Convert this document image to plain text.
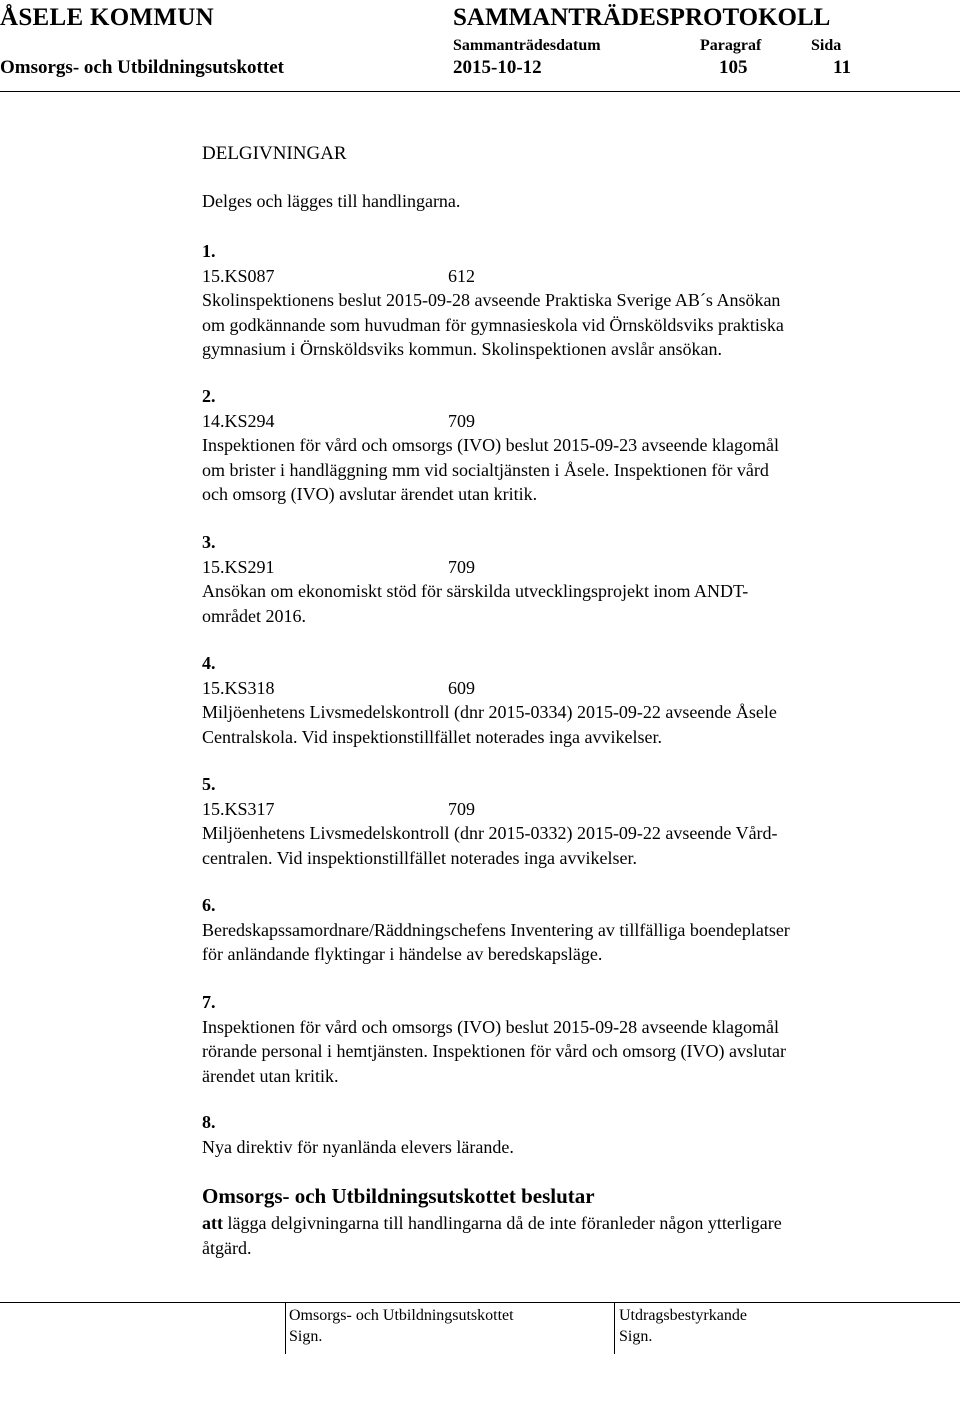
ÅSELE KOMMUN	SAMMANTRÄDESPROTOKOLL
Sammanträdesdatum	Paragraf	Sida
Omsorgs- och Utbildningsutskottet	2015-10-12	105	11
DELGIVNINGAR
Delges och lägges till handlingarna.
1.
15.KS087	612
Skolinspektionens beslut 2015-09-28 avseende Praktiska Sverige AB´s Ansökan
om godkännande som huvudman för gymnasieskola vid Örnsköldsviks praktiska
gymnasium i Örnsköldsviks kommun. Skolinspektionen avslår ansökan.
2.
14.KS294	709
Inspektionen för vård och omsorgs (IVO) beslut 2015-09-23 avseende klagomål
om brister i handläggning mm vid socialtjänsten i Åsele. Inspektionen för vård
och omsorg (IVO) avslutar ärendet utan kritik.
3.
15.KS291	709
Ansökan om ekonomiskt stöd för särskilda utvecklingsprojekt inom ANDT-
området 2016.
4.
15.KS318	609
Miljöenhetens Livsmedelskontroll (dnr 2015-0334) 2015-09-22 avseende Åsele
Centralskola. Vid inspektionstillfället noterades inga avvikelser.
5.
15.KS317	709
Miljöenhetens Livsmedelskontroll (dnr 2015-0332) 2015-09-22 avseende Vård-
centralen. Vid inspektionstillfället noterades inga avvikelser.
6.
Beredskapssamordnare/Räddningschefens Inventering av tillfälliga boendeplatser
för anländande flyktingar i händelse av beredskapsläge.
7.
Inspektionen för vård och omsorgs (IVO) beslut 2015-09-28 avseende klagomål
rörande personal i hemtjänsten. Inspektionen för vård och omsorg (IVO) avslutar
ärendet utan kritik.
8.
Nya direktiv för nyanlända elevers lärande.
Omsorgs- och Utbildningsutskottet beslutar
att lägga delgivningarna till handlingarna då de inte föranleder någon ytterligare
åtgärd.
Omsorgs- och Utbildningsutskottet
Sign.
Utdragsbestyrkande
Sign.
